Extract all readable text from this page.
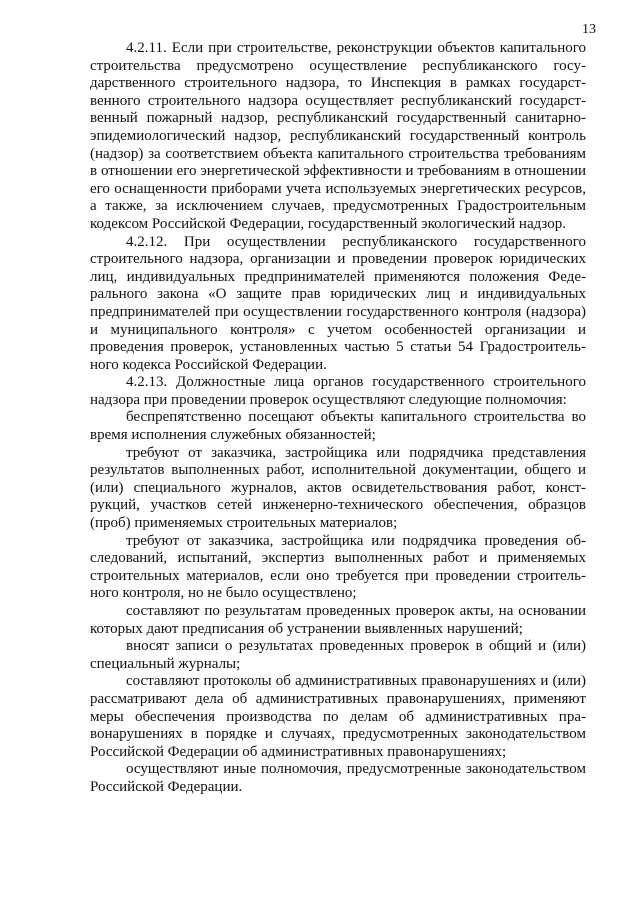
13

4.2.11. Если при строительстве, реконструкции объектов капитального строительства предусмотрено осуществление республиканского государственного строительного надзора, то Инспекция в рамках государственного строительного надзора осуществляет республиканский государственный пожарный надзор, республиканский государственный санитарно-эпидемиологический надзор, республиканский государственный контроль (надзор) за соответствием объекта капитального строительства требованиям в отношении его энергетической эффективности и требованиям в отношении его оснащенности приборами учета используемых энергетических ресурсов, а также, за исключением случаев, предусмотренных Градостроительным кодексом Российской Федерации, государственный экологический надзор.

4.2.12. При осуществлении республиканского государственного строительного надзора, организации и проведении проверок юридических лиц, индивидуальных предпринимателей применяются положения Федерального закона «О защите прав юридических лиц и индивидуальных предпринимателей при осуществлении государственного контроля (надзора) и муниципального контроля» с учетом особенностей организации и проведения проверок, установленных частью 5 статьи 54 Градостроительного кодекса Российской Федерации.

4.2.13. Должностные лица органов государственного строительного надзора при проведении проверок осуществляют следующие полномочия:

беспрепятственно посещают объекты капитального строительства во время исполнения служебных обязанностей;

требуют от заказчика, застройщика или подрядчика представления результатов выполненных работ, исполнительной документации, общего и (или) специального журналов, актов освидетельствования работ, конструкций, участков сетей инженерно-технического обеспечения, образцов (проб) применяемых строительных материалов;

требуют от заказчика, застройщика или подрядчика проведения обследований, испытаний, экспертиз выполненных работ и применяемых строительных материалов, если оно требуется при проведении строительного контроля, но не было осуществлено;

составляют по результатам проведенных проверок акты, на основании которых дают предписания об устранении выявленных нарушений;

вносят записи о результатах проведенных проверок в общий и (или) специальный журналы;

составляют протоколы об административных правонарушениях и (или) рассматривают дела об административных правонарушениях, применяют меры обеспечения производства по делам об административных правонарушениях в порядке и случаях, предусмотренных законодательством Российской Федерации об административных правонарушениях;

осуществляют иные полномочия, предусмотренные законодательством Российской Федерации.
